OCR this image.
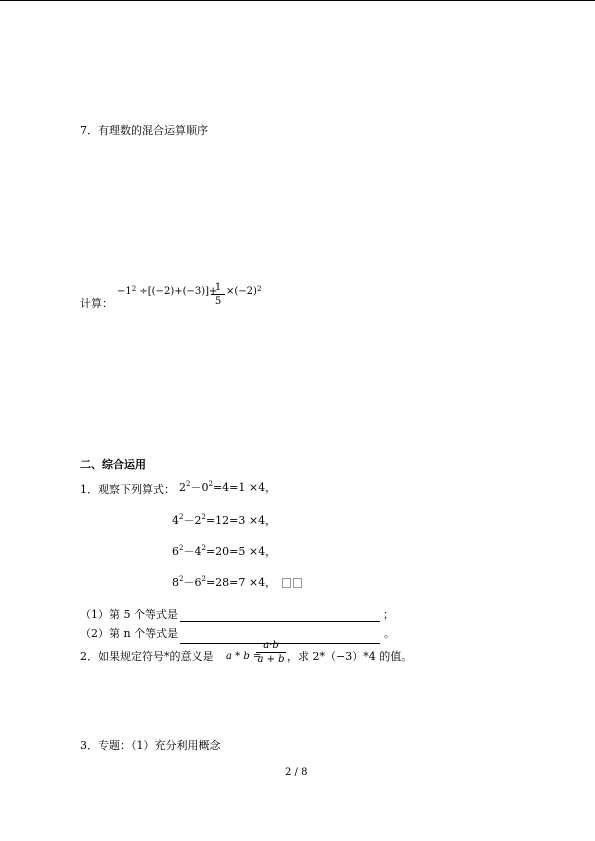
7．有理数的混合运算顺序
$-1^2 \div[(-2)+(-3)]+$
$\frac{1}{5} \times(-2)^2$
计算：
二、综合运用
1．观察下列算式： $2^2-0^2=4=1 \times 4$，
$4^2-2^2=12=3 \times 4$，
$6^2-4^2=20=5 \times 4$，
$8^2-6^2=28=7 \times 4$，
（1）第 5 个等式是	；
（2）第 n 个等式是	。
2．如果规定符号*的意义是 a * b =
$\frac{a\cdot b}{a + b}$ ，求 2*（−3）*4 的值。
3．专题：（1）充分利用概念
2 / 8
